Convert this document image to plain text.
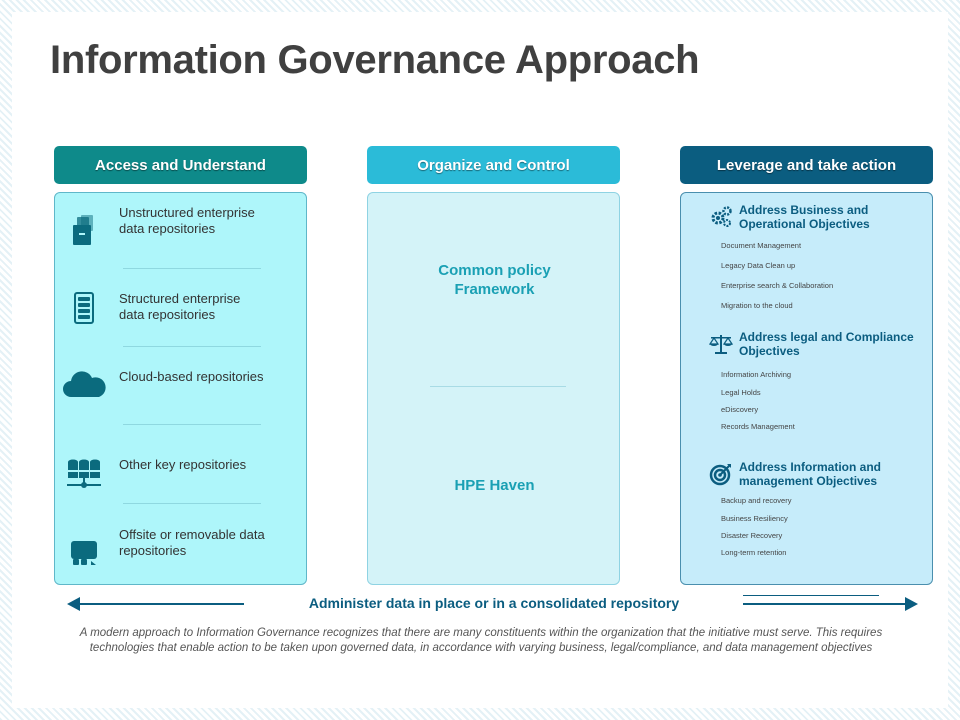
Information Governance Approach
Access and Understand	Organize and Control	Leverage and take action
Unstructured enterprise data repositories
Structured enterprise data repositories
Cloud-based repositories
Other key repositories
Offsite or removable data repositories
Common policy Framework
HPE Haven
Address Business and Operational Objectives
Document Management
Legacy Data Clean up
Enterprise search & Collaboration
Migration to the cloud
Address legal and Compliance Objectives
Information Archiving
Legal Holds
eDiscovery
Records Management
Address Information and management Objectives
Backup and recovery
Business Resiliency
Disaster Recovery
Long-term retention
Administer data in place or in a consolidated repository
A modern approach to Information Governance recognizes that there are many constituents within the organization that the initiative must serve. This requires technologies that enable action to be taken upon governed data, in accordance with varying business, legal/compliance, and data management objectives
